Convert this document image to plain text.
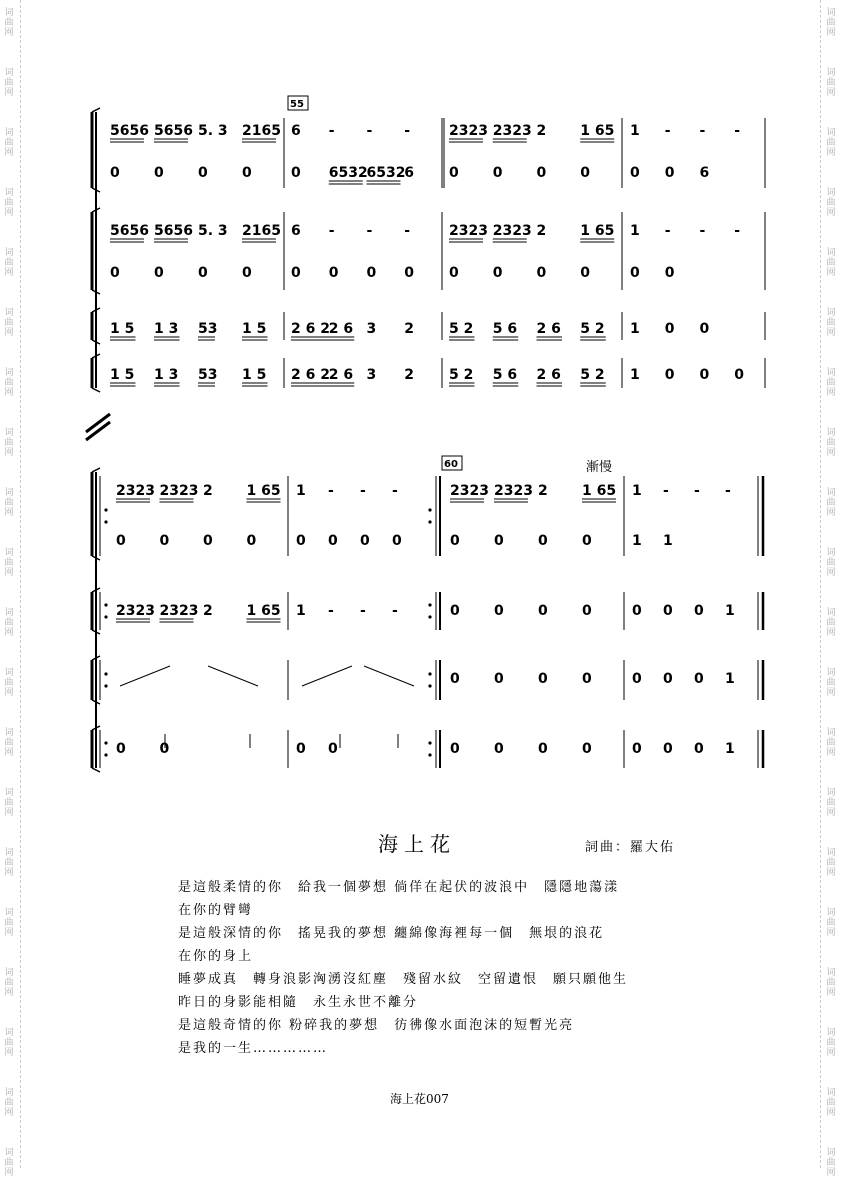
词
曲
网
词
曲
网
词
曲
网
词
曲
网
词
曲
网
词
曲
网
词
曲
网
词
曲
网
词
曲
网
词
曲
网
词
曲
网
词
曲
网
词
曲
网
词
曲
网
词
曲
网
词
曲
网
词
曲
网
词
曲
网
词
曲
网
词
曲
网
词
曲
网
词
曲
网
词
曲
网
词
曲
网
词
曲
网
词
曲
网
词
曲
网
词
曲
网
词
曲
网
词
曲
网
词
曲
网
词
曲
网
词
曲
网
词
曲
网
词
曲
网
词
曲
网
词
曲
网
词
曲
网
词
曲
网
词
曲
网
5656 5656 5. 3 2165 6 - - -	2323 2323 2 1 65 1 - - -
0 0 0 0	0 6532
6532
6	0 0 0 0	0 0 6
5656 5656 5. 3 2165 6 - - -	2323 2323 2 1 65 1 - - -
0 0 0 0	0 0 0 0	0 0 0 0	0 0
1 5 1 3 53 1 5 2 6 2
2 6 3 2	5 2 5 6 2 6 5 2 1 0 0
1 5 1 3 53 1 5 2 6 2
2 6 3 2	5 2 5 6 2 6 5 2 1 0 0 0
55
2323 2323 2 1 65 1 - - -	2323 2323 2 1 65 1 - - -
0 0 0 0	0 0 0 0	0 0 0 0	1 1
2323 2323 2 1 65 1 - - -	0 0 0 0	0 0 0 1
0 0 0 0	0 0 0 1
0 0	0 0	0 0 0 0	0 0 0 1
60	漸慢
海上花	詞曲：羅大佑
是這般柔情的你　給我一個夢想 倘佯在起伏的波浪中　隱隱地蕩漾
在你的臂彎
是這般深情的你　搖晃我的夢想 纏綿像海裡每一個　無垠的浪花
在你的身上
睡夢成真　轉身浪影洶湧沒紅塵　殘留水紋　空留遺恨　願只願他生
昨日的身影能相隨　永生永世不離分
是這般奇情的你 粉碎我的夢想　彷彿像水面泡沫的短暫光亮
是我的一生……………
海上花007
